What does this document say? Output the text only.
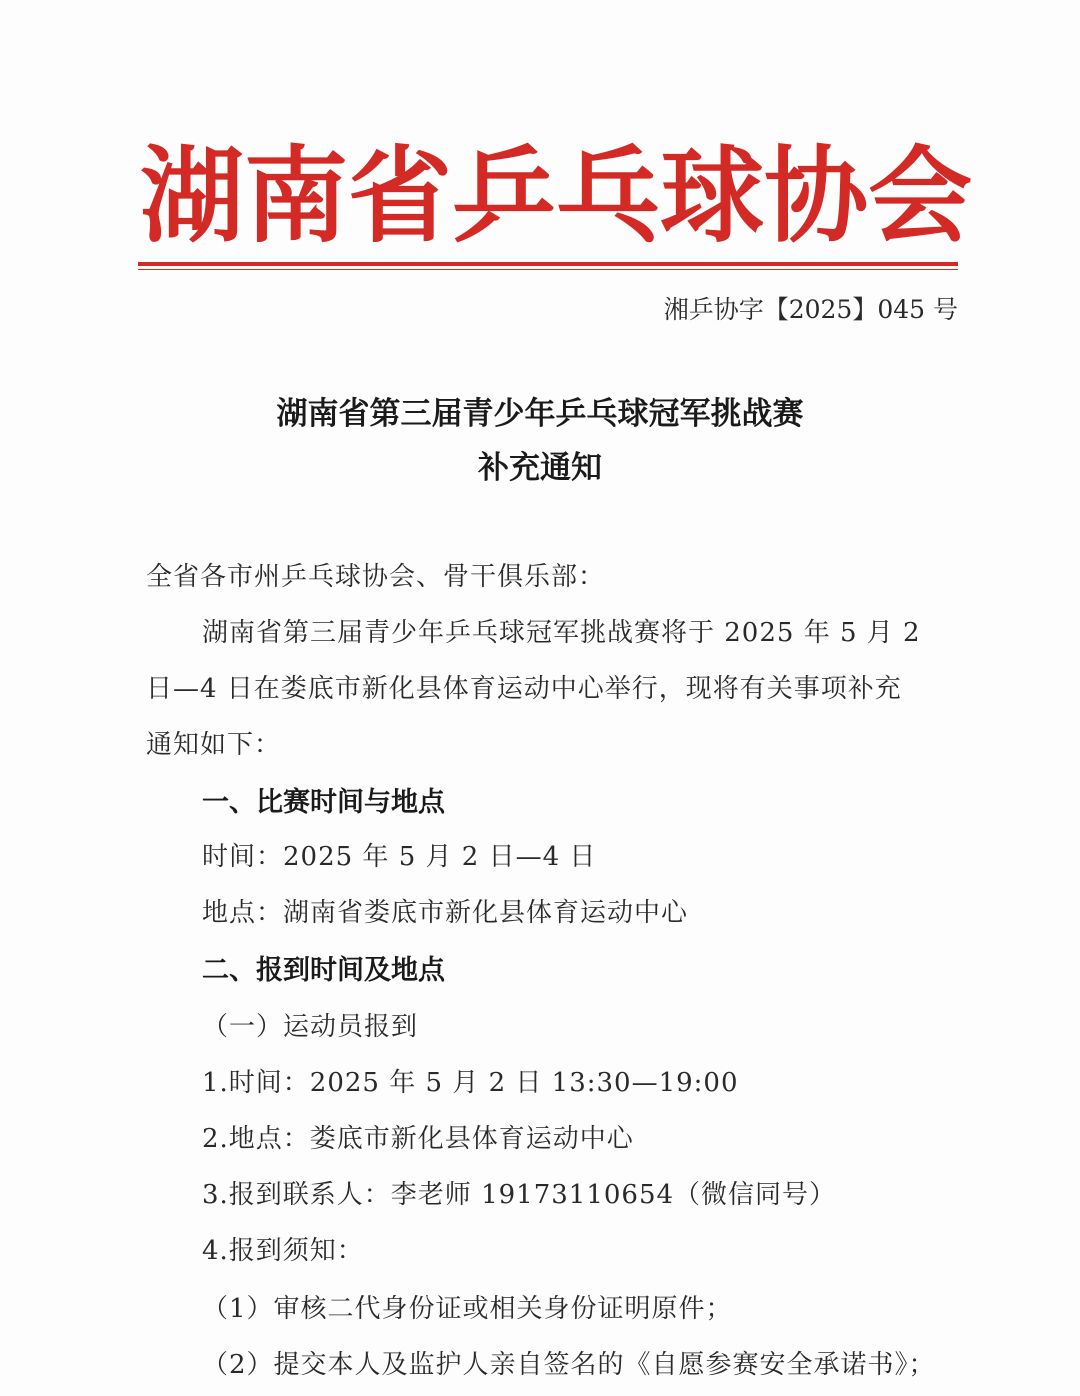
湖 南 省 乒 乓 球 协 会
湘乒协字【2025】045 号
湖南省第三届青少年乒乓球冠军挑战赛
补充通知
全省各市州乒乓球协会、骨干俱乐部：
湖南省第三届青少年乒乓球冠军挑战赛将于 2025 年 5 月 2
日—4 日在娄底市新化县体育运动中心举行，现将有关事项补充
通知如下：
一、比赛时间与地点
时间：2025 年 5 月 2 日—4 日
地点：湖南省娄底市新化县体育运动中心
二、报到时间及地点
（一）运动员报到
1.时间：2025 年 5 月 2 日 13:30—19:00
2.地点：娄底市新化县体育运动中心
3.报到联系人：李老师 19173110654（微信同号）
4.报到须知：
（1）审核二代身份证或相关身份证明原件；
（2）提交本人及监护人亲自签名的《自愿参赛安全承诺书》；
